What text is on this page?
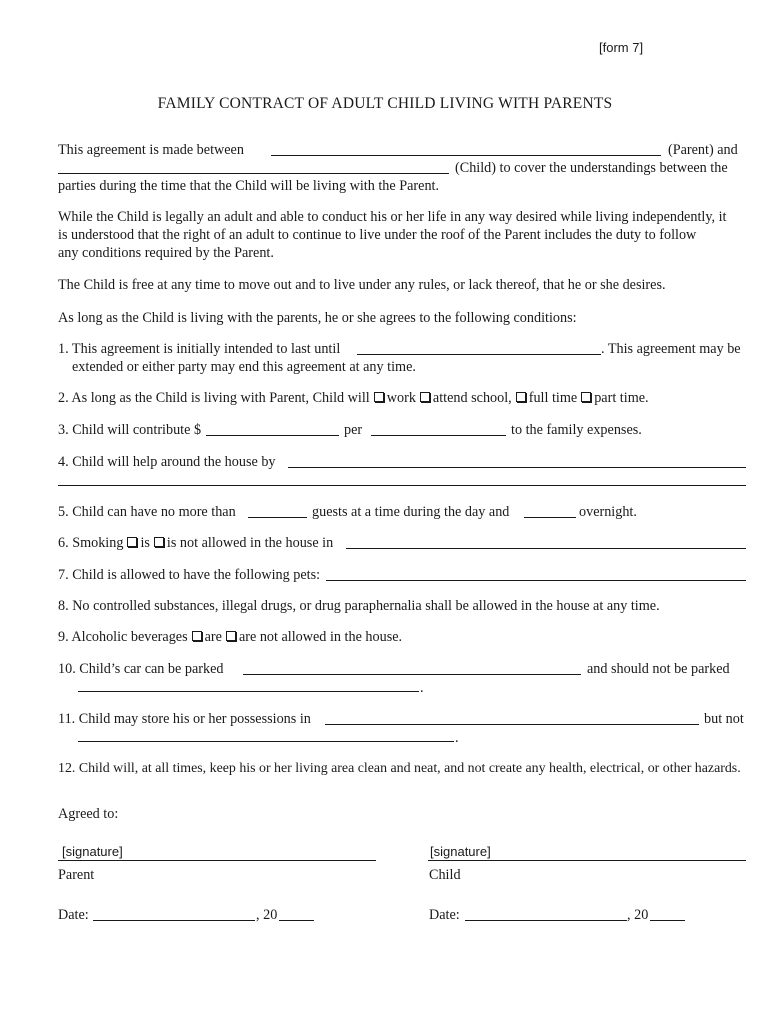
[form 7]
FAMILY CONTRACT OF ADULT CHILD LIVING WITH PARENTS
This agreement is made between	(Parent) and
(Child) to cover the understandings between the
parties during the time that the Child will be living with the Parent.
While the Child is legally an adult and able to conduct his or her life in any way desired while living independently, it
is understood that the right of an adult to continue to live under the roof of the Parent includes the duty to follow
any conditions required by the Parent.
The Child is free at any time to move out and to live under any rules, or lack thereof, that he or she desires.
As long as the Child is living with the parents, he or she agrees to the following conditions:
1. This agreement is initially intended to last until	. This agreement may be
extended or either party may end this agreement at any time.
2. As long as the Child is living with Parent, Child will work attend school, full time part time.
3. Child will contribute $	per	to the family expenses.
4. Child will help around the house by
5. Child can have no more than	guests at a time during the day and	overnight.
6. Smoking is is not allowed in the house in
7. Child is allowed to have the following pets:
8. No controlled substances, illegal drugs, or drug paraphernalia shall be allowed in the house at any time.
9. Alcoholic beverages are are not allowed in the house.
10. Child’s car can be parked	and should not be parked
.
11. Child may store his or her possessions in	but not
.
12. Child will, at all times, keep his or her living area clean and neat, and not create any health, electrical, or other hazards.
Agreed to:
[signature]	[signature]
Parent	Child
Date:	, 20	Date:	, 20
